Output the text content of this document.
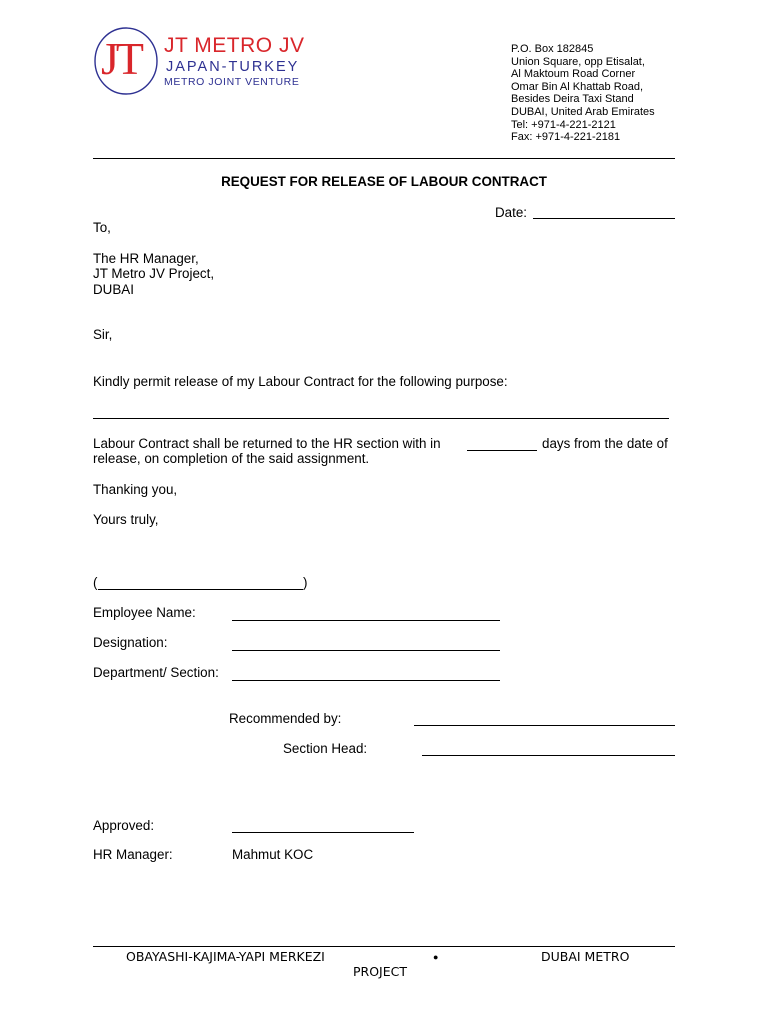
JT JT METRO JV
JAPAN-TURKEY
METRO JOINT VENTURE
P.O. Box 182845
Union Square, opp Etisalat,
Al Maktoum Road Corner
Omar Bin Al Khattab Road,
Besides Deira Taxi Stand
DUBAI, United Arab Emirates
Tel: +971-4-221-2121
Fax: +971-4-221-2181
REQUEST FOR RELEASE OF LABOUR CONTRACT
Date:
To,
The HR Manager,
JT Metro JV Project,
DUBAI
Sir,
Kindly permit release of my Labour Contract for the following purpose:
Labour Contract shall be returned to the HR section with in	days from the date of
release, on completion of the said assignment.
Thanking you,
Yours truly,
(	)
Employee Name:
Designation:
Department/ Section:
Recommended by:
Section Head:
Approved:
HR Manager:	Mahmut KOC
OBAYASHI-KAJIMA-YAPI MERKEZI	●	DUBAI METRO
PROJECT
